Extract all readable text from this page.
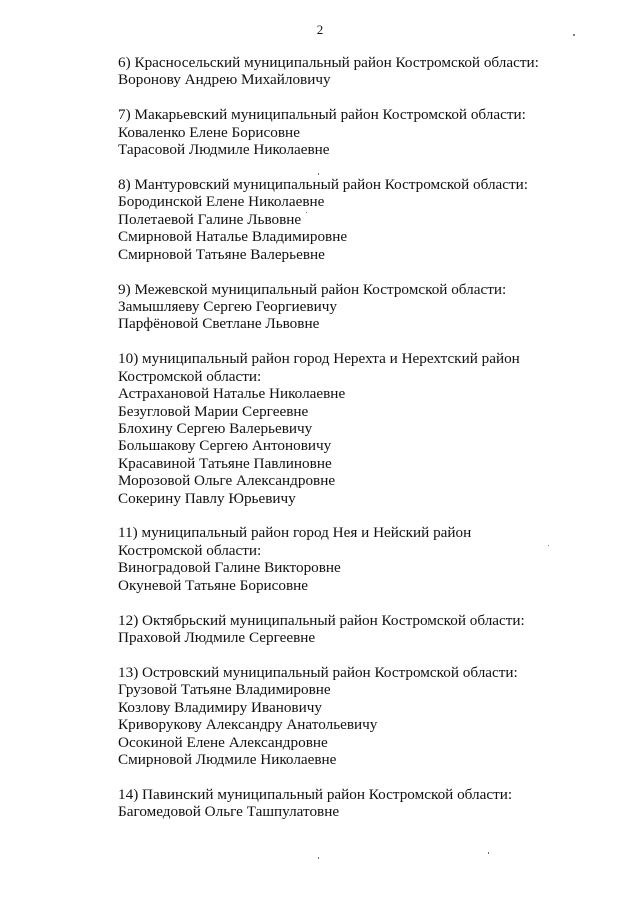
2
6) Красносельский муниципальный район Костромской области:
Воронову Андрею Михайловичу
7) Макарьевский муниципальный район Костромской области:
Коваленко Елене Борисовне
Тарасовой Людмиле Николаевне
8) Мантуровский муниципальный район Костромской области:
Бородинской Елене Николаевне
Полетаевой Галине Львовне
Смирновой Наталье Владимировне
Смирновой Татьяне Валерьевне
9) Межевской муниципальный район Костромской области:
Замышляеву Сергею Георгиевичу
Парфёновой Светлане Львовне
10) муниципальный район город Нерехта и Нерехтский район
Костромской области:
Астрахановой Наталье Николаевне
Безугловой Марии Сергеевне
Блохину Сергею Валерьевичу
Большакову Сергею Антоновичу
Красавиной Татьяне Павлиновне
Морозовой Ольге Александровне
Сокерину Павлу Юрьевичу
11) муниципальный район город Нея и Нейский район
Костромской области:
Виноградовой Галине Викторовне
Окуневой Татьяне Борисовне
12) Октябрьский муниципальный район Костромской области:
Праховой Людмиле Сергеевне
13) Островский муниципальный район Костромской области:
Грузовой Татьяне Владимировне
Козлову Владимиру Ивановичу
Криворукову Александру Анатольевичу
Осокиной Елене Александровне
Смирновой Людмиле Николаевне
14) Павинский муниципальный район Костромской области:
Багомедовой Ольге Ташпулатовне
